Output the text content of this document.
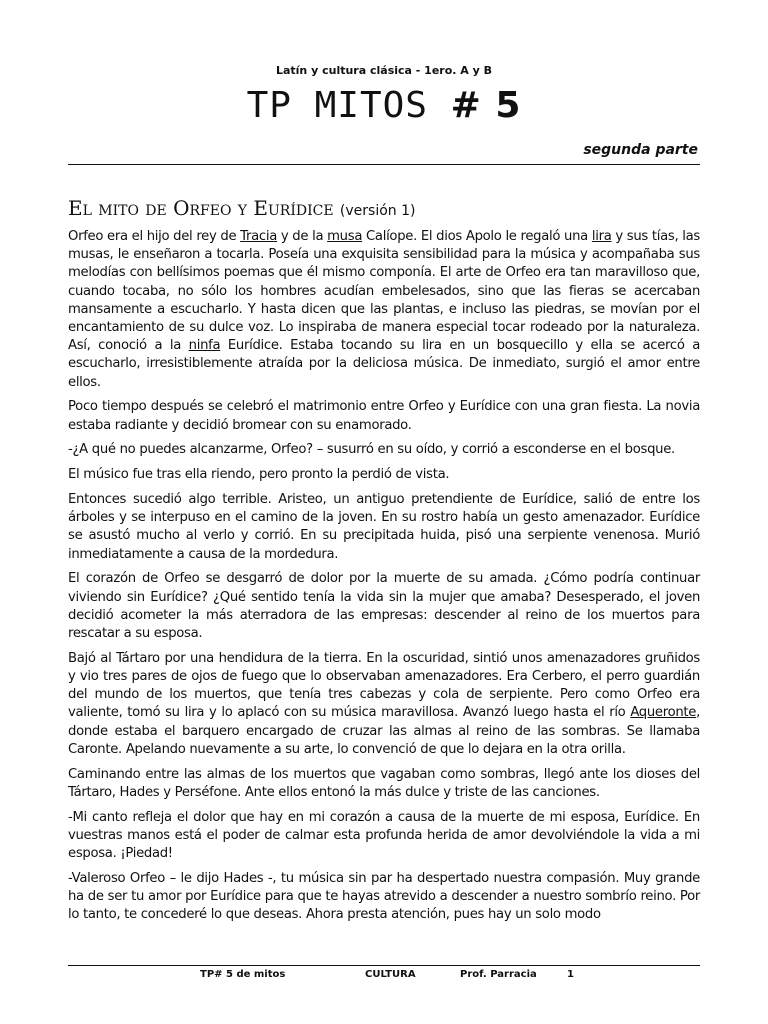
Latín y cultura clásica - 1ero. A y B
TP MITOS # 5
segunda parte
El mito de Orfeo y Eurídice (versión 1)

Orfeo era el hijo del rey de Tracia y de la musa Calíope. El dios Apolo le regaló una lira y sus tías, las musas, le enseñaron a tocarla. Poseía una exquisita sensibilidad para la música y acompañaba sus melodías con bellísimos poemas que él mismo componía. El arte de Orfeo era tan maravilloso que, cuando tocaba, no sólo los hombres acudían embelesados, sino que las fieras se acercaban mansamente a escucharlo. Y hasta dicen que las plantas, e incluso las piedras, se movían por el encantamiento de su dulce voz. Lo inspiraba de manera especial tocar rodeado por la naturaleza. Así, conoció a la ninfa Eurídice. Estaba tocando su lira en un bosquecillo y ella se acercó a escucharlo, irresistiblemente atraída por la deliciosa música. De inmediato, surgió el amor entre ellos.

Poco tiempo después se celebró el matrimonio entre Orfeo y Eurídice con una gran fiesta. La novia estaba radiante y decidió bromear con su enamorado.

-¿A qué no puedes alcanzarme, Orfeo? – susurró en su oído, y corrió a esconderse en el bosque.

El músico fue tras ella riendo, pero pronto la perdió de vista.

Entonces sucedió algo terrible. Aristeo, un antiguo pretendiente de Eurídice, salió de entre los árboles y se interpuso en el camino de la joven. En su rostro había un gesto amenazador. Eurídice se asustó mucho al verlo y corrió. En su precipitada huida, pisó una serpiente venenosa. Murió inmediatamente a causa de la mordedura.

El corazón de Orfeo se desgarró de dolor por la muerte de su amada. ¿Cómo podría continuar viviendo sin Eurídice? ¿Qué sentido tenía la vida sin la mujer que amaba? Desesperado, el joven decidió acometer la más aterradora de las empresas: descender al reino de los muertos para rescatar a su esposa.

Bajó al Tártaro por una hendidura de la tierra. En la oscuridad, sintió unos amenazadores gruñidos y vio tres pares de ojos de fuego que lo observaban amenazadores. Era Cerbero, el perro guardián del mundo de los muertos, que tenía tres cabezas y cola de serpiente. Pero como Orfeo era valiente, tomó su lira y lo aplacó con su música maravillosa. Avanzó luego hasta el río Aqueronte, donde estaba el barquero encargado de cruzar las almas al reino de las sombras. Se llamaba Caronte. Apelando nuevamente a su arte, lo convenció de que lo dejara en la otra orilla.

Caminando entre las almas de los muertos que vagaban como sombras, llegó ante los dioses del Tártaro, Hades y Perséfone. Ante ellos entonó la más dulce y triste de las canciones.

-Mi canto refleja el dolor que hay en mi corazón a causa de la muerte de mi esposa, Eurídice. En vuestras manos está el poder de calmar esta profunda herida de amor devolviéndole la vida a mi esposa. ¡Piedad!

-Valeroso Orfeo – le dijo Hades -, tu música sin par ha despertado nuestra compasión. Muy grande ha de ser tu amor por Eurídice para que te hayas atrevido a descender a nuestro sombrío reino. Por lo tanto, te concederé lo que deseas. Ahora presta atención, pues hay un solo modo

TP# 5 de mitos	CULTURA	Prof. Parracia	1
